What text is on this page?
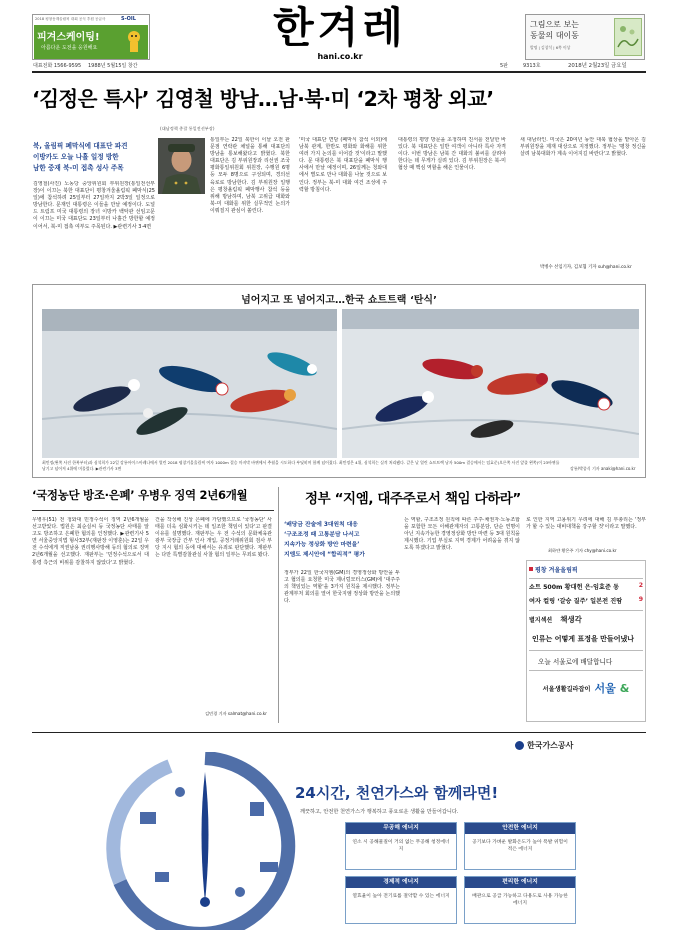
2018 평창동계올림픽 대회 공식 후원 공급사	S-OIL
피겨스케이팅!
아름다운 도전을 응원해요	한겨레
hani.co.kr
그림으로 보는
동물의 대이동
발명 | 김창석 | 6쪽 이상
대표전화 1566-9595 1988년 5월15일 창간	5판	9313호	2018년 2월23일 금요일
‘김정은 특사’ 김영철 방남…남·북·미 ‘2차 평창 외교’
(대남정책 총괄 통일전선부장)
북, 올림픽 폐막식에 대표단 파견
이방카도 오늘 나흘 일정 방한
남한 중재 북-미 접촉 성사 주목
김영철(사진) 노동당 중앙위원회 부위원장(통일전선부장)이 이끄는 북한 대표단이 평창겨울올림픽 폐막식(25일)에 참석하려 25일부터 27일까지 2박3일 일정으로 방남한다. 문재인 대통령은 이들을 만날 예정이다. 도널드 트럼프 미국 대통령의 장녀 이방카 백악관 선임고문이 이끄는 미국 대표단도 23일부터 나흘간 방한할 예정이어서, 북-미 접촉 여부도 주목된다. ▶관련기사 3·4면
통일부는 22일 북한이 이날 오전 판문점 연락관 채널을 통해 대표단의 방남을 통보해왔다고 밝혔다. 북한 대표단은 김 부위원장과 리선권 조국평화통일위원회 위원장, 수행원 6명 등 모두 8명으로 구성되며, 경의선 육로로 방남한다. 김 부위원장 일행은 평창올림픽 폐막행사 참석 등을 위해 방남하며, 남북 고위급 대화와 북-미 대화를 위한 실무적인 논의가 이뤄질지 관심이 쏠린다.
'미국 대표단 면담 (폐막식 참석 이외)에 남북 관계, 한반도 평화와 화해를 위한 여러 가지 논의를 이어갈 것'이라고 말했다. 문 대통령은 북 대표단을 폐막식 행사에서 만날 예정이며, 26일께는 청와대에서 별도로 만나 대화를 나눌 것으로 보인다. 정부는 북-미 대화 여건 조성에 주력할 방침이다.
대통령의 평양 방문을 초청하며 친서를 전달한 바 있다. 북 대표단은 일반 여객이 아니라 특사 자격이다. 이번 방남은 남북 간 대화의 불씨를 살려야 한다는 데 무게가 실려 있다. 김 부위원장은 북-미 협상 때 핵심 역할을 해온 인물이다.
새 대남라인. 미국은 20여년 동안 대북 협상을 맡아온 김 부위원장을 제재 대상으로 지정했다. 정부는 '평창 정신을 살려 남북대화가 계속 이어지길 바란다'고 밝혔다.
박병수 선임기자, 김보협 기자 suh@hani.co.kr
넘어지고 또 넘어지고…한국 쇼트트랙 ‘탄식’
최민정(왼쪽 사진 한복부터)과 심석희가 22일 강릉아이스아레나에서 열린 2018 평창겨울올림픽 여자 1000m 결승 마지막 바퀴에서 추월을 시도하다 부딪히며 함께 넘어졌다. 최민정은 4위, 심석희는 실격 처리됐다. 같은 날 열린 쇼트트랙 남자 500m 결승에서는 임효준(오른쪽 사진 앞줄 왼쪽)이 23바퀴를 남기고 넘어져 4위에 머물렀다. ▶관련기사 3면	강릉/박종식 기자 anaki@hani.co.kr
‘국정농단 방조·은폐’ 우병우 징역 2년6개월
우병우(51) 전 청와대 민정수석이 징역 2년6개월을 선고받았다. 법원은 최순실씨 등 국정농단 사태를 알고도 방조하고 은폐한 혐의를 인정했다. ▶관련기사 5면 서울중앙지법 형사32부(재판장 이영훈)는 22일 우 전 수석에게 직권남용 권리행사방해 등의 혐의로 징역 2년6개월을 선고했다. 재판부는 '민정수석으로서 대통령 측근의 비위를 감찰하지 않았다'고 밝혔다.
건을 작성해 진상 은폐에 가담했으므로 '국정농단' 사태를 더욱 심화시키는 데 일조한 책임이 있다'고 판결 이유를 설명했다. 재판부는 우 전 수석의 문화체육관광부 국장급 간부 인사 개입, 공정거래위원회 검사 부당 지시 혐의 등에 대해서는 유죄로 판단했다. 재판부는 다만 특별감찰관실 사찰 혐의 일부는 무죄로 봤다.
김민경 기자 salmat@hani.co.kr
정부 “지엠, 대주주로서 책임 다하라”
‘배당금 잔술에 3대원칙 대응
‘구조조정 때 고통분담 나서고
지속가능 정상화 방안 마련을’
지엠도 제시안에 “합리적” 평가
정부가 22일 한국지엠(GM)의 경영정상화 방안을 두고 협의를 요청한 미국 제너럴모터스(GM)에 '대주주의 책임있는 역할'을 3가지 원칙을 제시했다. 정부는 관계부처 회의를 열어 한국지엠 정상화 방안을 논의했다.
는 역할, 구조조정 원칙에 따른 주주·채권자·노동조합을 포함한 모든 이해관계자의 고통분담, 단순 연명이 아닌 지속가능한 경영정상화 방안 마련 등 3대 원칙을 제시했다. 기업 부실로 지역 경제가 어려움을 겪지 않도록 하겠다고 밝혔다.
로 인한 지역 고용위기 우려에 대해 김 부총리는 '정부가 할 수 있는 대비대책을 강구할 것'이라고 말했다.
최하얀 황은주 기자 chy@hani.co.kr
평창 겨울올림픽
쇼트 500m 황대헌 은·임효준 동	2
여자 컬링 ‘갈승 질주’ 일본전 진땀	9
별지섹션 책생각
인류는 어떻게 표정을 만들어냈나
오늘 서울로에 배달합니다
서울생활길라잡이 서울 &
한국가스공사
24시간, 천연가스와 함께라면!
깨끗하고, 안전한 천연가스가 행복하고 풍요로운 생활을 만들어갑니다.
무공해 에너지
연소 시 공해물질이 거의 없는 무공해 청정에너지
안전한 에너지
공기보다 가벼운 발화온도가 높아 폭발 위험이 적은 에너지
경제적 에너지
열효율이 높아 전기료를 절약할 수 있는 에너지
편리한 에너지
배관으로 공급 가능하고 다용도로 사용 가능한 에너지
